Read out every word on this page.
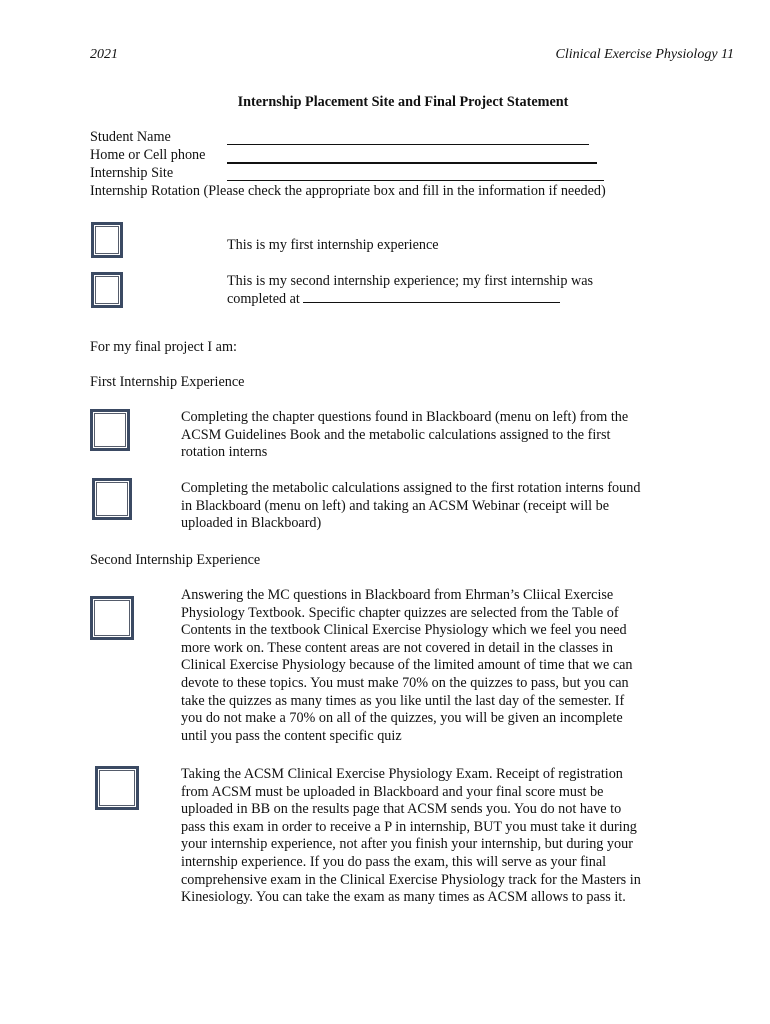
2021	Clinical Exercise Physiology 11
Internship Placement Site and Final Project Statement
Student Name
Home or Cell phone
Internship Site
Internship Rotation (Please check the appropriate box and fill in the information if needed)
This is my first internship experience
This is my second internship experience; my first internship was
completed at
For my final project I am:
First Internship Experience
Completing the chapter questions found in Blackboard (menu on left) from the
ACSM Guidelines Book and the metabolic calculations assigned to the first
rotation interns
Completing the metabolic calculations assigned to the first rotation interns found
in Blackboard (menu on left) and taking an ACSM Webinar (receipt will be
uploaded in Blackboard)
Second Internship Experience
Answering the MC questions in Blackboard from Ehrman’s Cliical Exercise
Physiology Textbook. Specific chapter quizzes are selected from the Table of
Contents in the textbook Clinical Exercise Physiology which we feel you need
more work on. These content areas are not covered in detail in the classes in
Clinical Exercise Physiology because of the limited amount of time that we can
devote to these topics. You must make 70% on the quizzes to pass, but you can
take the quizzes as many times as you like until the last day of the semester. If
you do not make a 70% on all of the quizzes, you will be given an incomplete
until you pass the content specific quiz
Taking the ACSM Clinical Exercise Physiology Exam. Receipt of registration
from ACSM must be uploaded in Blackboard and your final score must be
uploaded in BB on the results page that ACSM sends you. You do not have to
pass this exam in order to receive a P in internship, BUT you must take it during
your internship experience, not after you finish your internship, but during your
internship experience. If you do pass the exam, this will serve as your final
comprehensive exam in the Clinical Exercise Physiology track for the Masters in
Kinesiology. You can take the exam as many times as ACSM allows to pass it.
